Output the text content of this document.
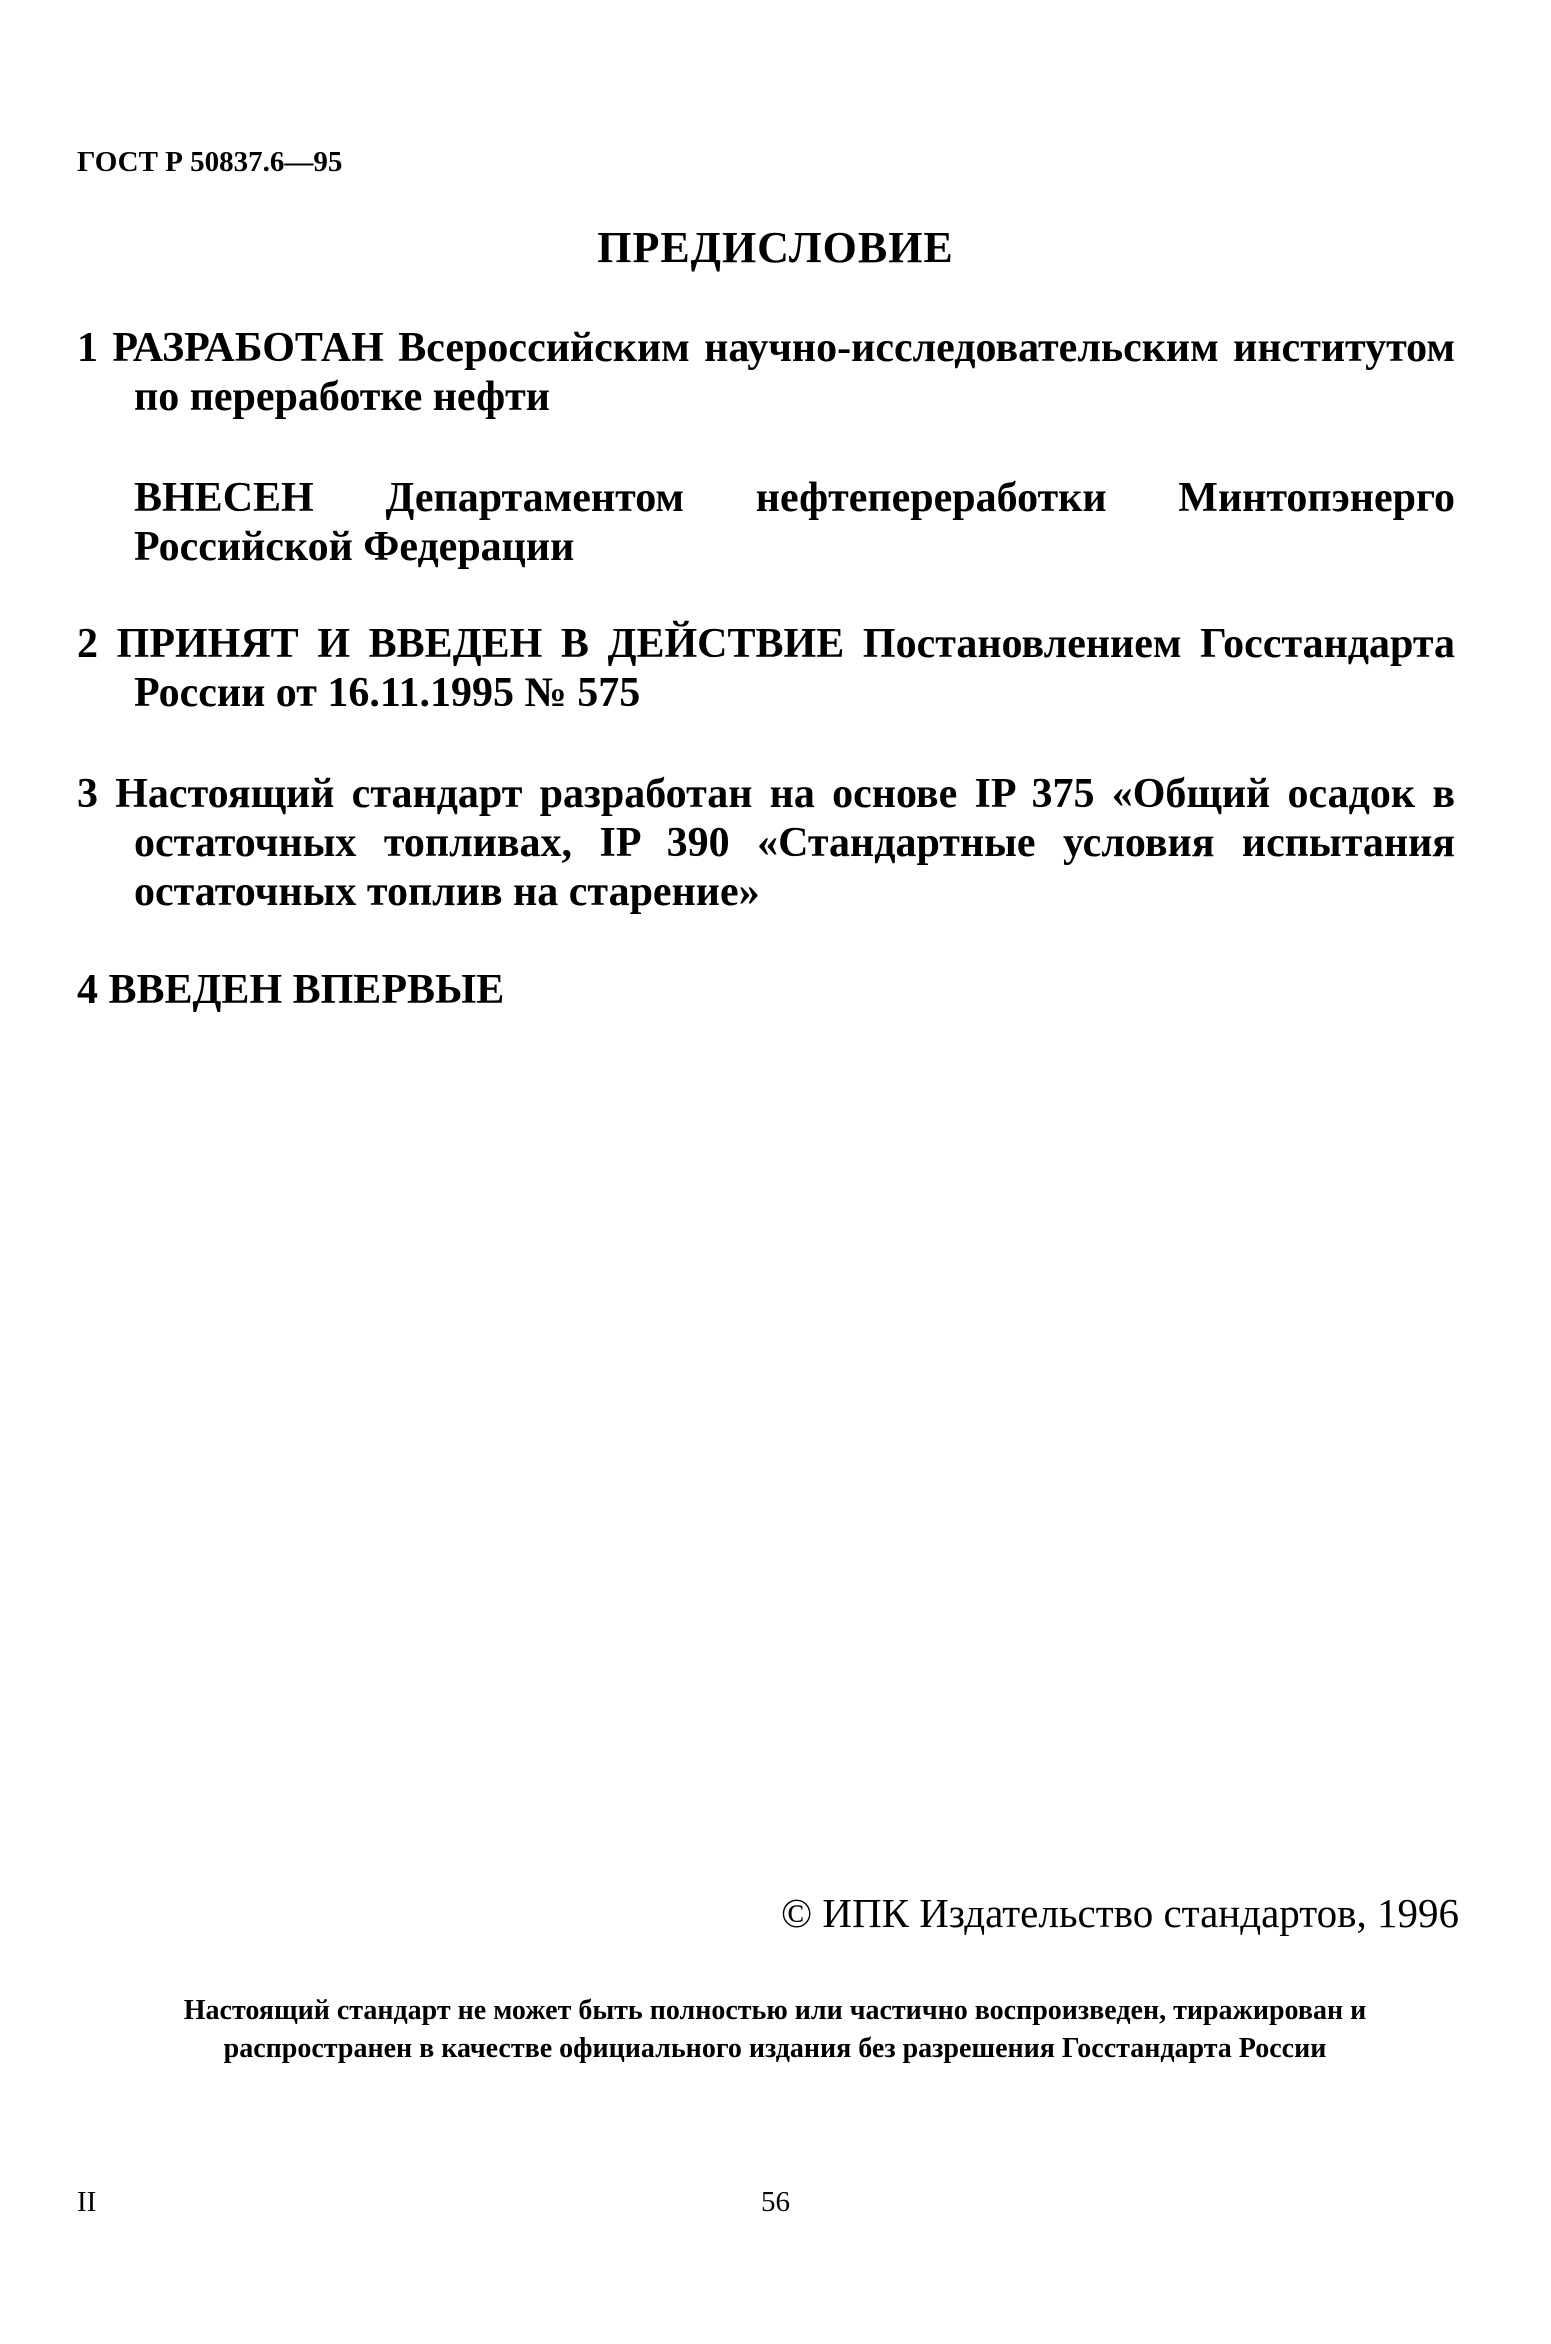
ГОСТ Р 50837.6—95
ПРЕДИСЛОВИЕ
1 РАЗРАБОТАН Всероссийским научно-исследовательским институтом по переработке нефти
ВНЕСЕН Департаментом нефтепереработки Минтопэнерго Российской Федерации
2 ПРИНЯТ И ВВЕДЕН В ДЕЙСТВИЕ Постановлением Госстандарта России от 16.11.1995 № 575
3 Настоящий стандарт разработан на основе IP 375 «Общий осадок в остаточных топливах, IP 390 «Стандартные условия испытания остаточных топлив на старение»
4 ВВЕДЕН ВПЕРВЫЕ
© ИПК Издательство стандартов, 1996
Настоящий стандарт не может быть полностью или частично воспроизведен, тиражирован и распространен в качестве официального издания без разрешения Госстандарта России
II	56
